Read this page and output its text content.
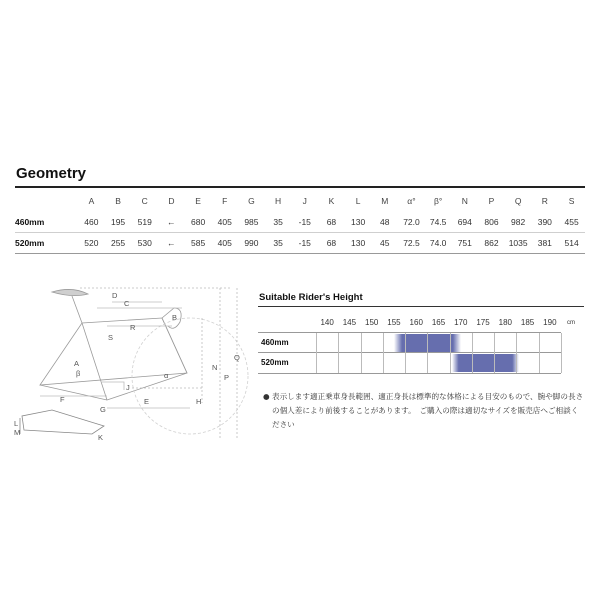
Geometry
	A	B	C	D	E	F	G	H	J	K	L	M	α°	β°	N	P	Q	R	S
460mm	460	195	519	←	680	405	985	35	-15	68	130	48	72.0	74.5	694	806	982	390	455
520mm	520	255	530	←	585	405	990	35	-15	68	130	45	72.5	74.0	751	862	1035	381	514
D
C
B
R
S
A
β	α
J
E
F
G
H
N
P
Q
L
M
K
Suitable Rider's Height
140 145 150 155 160 165 170 175 180 185 190 cm
460mm
520mm
● 表示します適正乗車身長範囲、適正身長は標準的な体格による目安のもので、腕や脚の長さの個人差により前後することがあります。　ご購入の際は適切なサイズを販売店へご相談ください
